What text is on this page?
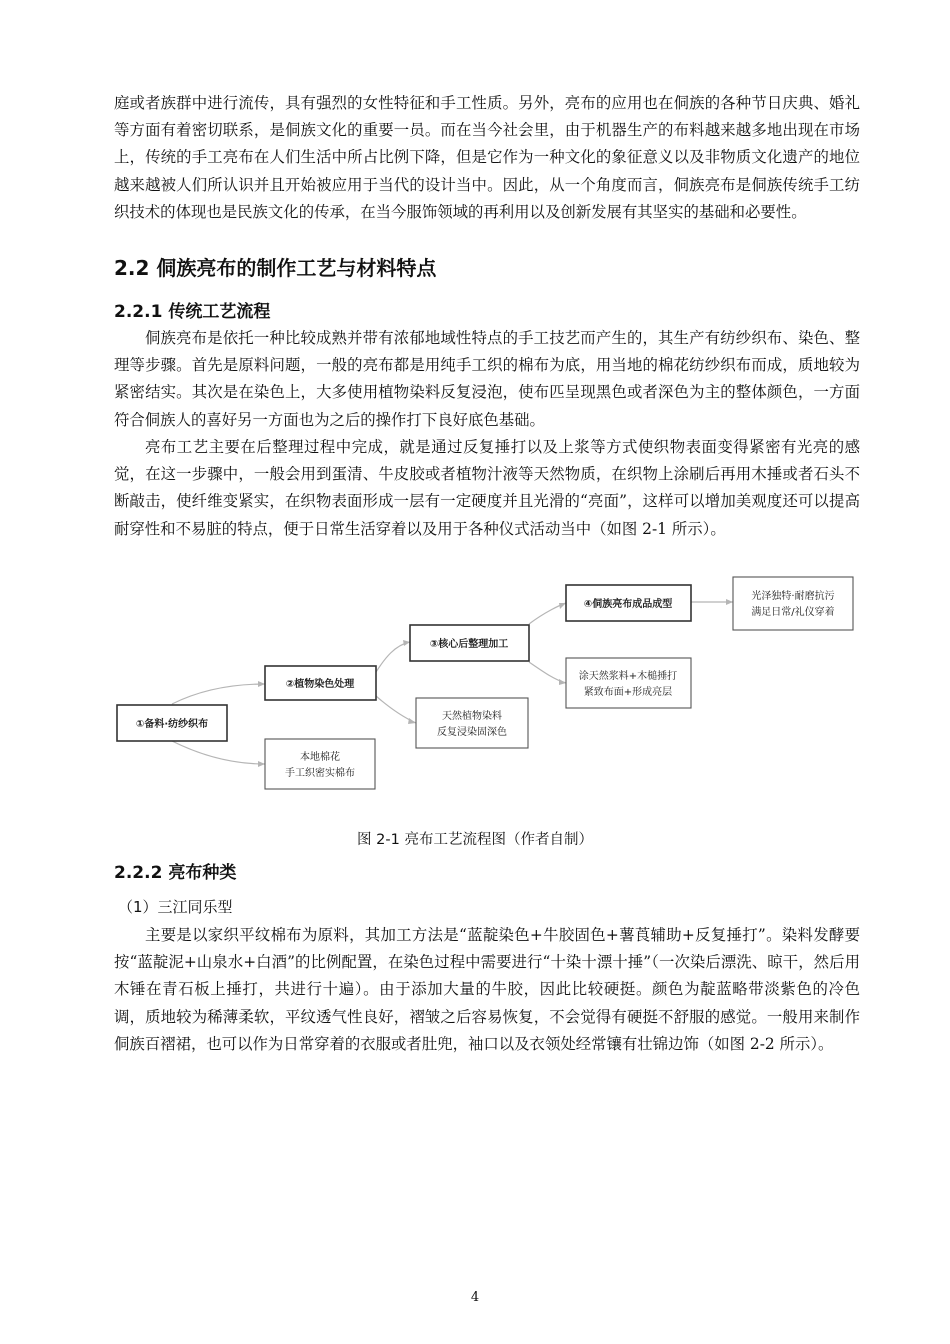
庭或者族群中进行流传，具有强烈的女性特征和手工性质。另外，亮布的应用也在侗族的各种节日庆典、婚礼等方面有着密切联系，是侗族文化的重要一员。而在当今社会里，由于机器生产的布料越来越多地出现在市场上，传统的手工亮布在人们生活中所占比例下降，但是它作为一种文化的象征意义以及非物质文化遗产的地位越来越被人们所认识并且开始被应用于当代的设计当中。因此，从一个角度而言，侗族亮布是侗族传统手工纺织技术的体现也是民族文化的传承，在当今服饰领域的再利用以及创新发展有其坚实的基础和必要性。

2.2 侗族亮布的制作工艺与材料特点
2.2.1 传统工艺流程

侗族亮布是依托一种比较成熟并带有浓郁地域性特点的手工技艺而产生的，其生产有纺纱织布、染色、整理等步骤。首先是原料问题，一般的亮布都是用纯手工织的棉布为底，用当地的棉花纺纱织布而成，质地较为紧密结实。其次是在染色上，大多使用植物染料反复浸泡，使布匹呈现黑色或者深色为主的整体颜色，一方面符合侗族人的喜好另一方面也为之后的操作打下良好底色基础。

亮布工艺主要在后整理过程中完成，就是通过反复捶打以及上浆等方式使织物表面变得紧密有光亮的感觉，在这一步骤中，一般会用到蛋清、牛皮胶或者植物汁液等天然物质，在织物上涂刷后再用木捶或者石头不断敲击，使纤维变紧实，在织物表面形成一层有一定硬度并且光滑的“亮面”，这样可以增加美观度还可以提高耐穿性和不易脏的特点，便于日常生活穿着以及用于各种仪式活动当中（如图 2-1 所示）。

①备料·纺纱织布
②植物染色处理
③核心后整理加工
④侗族亮布成品成型
本地棉花
手工织密实棉布
天然植物染料
反复浸染固深色
涂天然浆料+木槌捶打
紧致布面+形成亮层
光泽独特·耐磨抗污
满足日常/礼仪穿着

图 2-1 亮布工艺流程图（作者自制）

2.2.2 亮布种类

（1）三江同乐型

主要是以家织平纹棉布为原料，其加工方法是“蓝靛染色+牛胶固色+薯莨辅助+反复捶打”。染料发酵要按“蓝靛泥+山泉水+白酒”的比例配置，在染色过程中需要进行“十染十漂十捶”（一次染后漂洗、晾干，然后用木锤在青石板上捶打，共进行十遍）。由于添加大量的牛胶，因此比较硬挺。颜色为靛蓝略带淡紫色的冷色调，质地较为稀薄柔软，平纹透气性良好，褶皱之后容易恢复，不会觉得有硬挺不舒服的感觉。一般用来制作侗族百褶裙，也可以作为日常穿着的衣服或者肚兜，袖口以及衣领处经常镶有壮锦边饰（如图 2-2 所示）。

4
